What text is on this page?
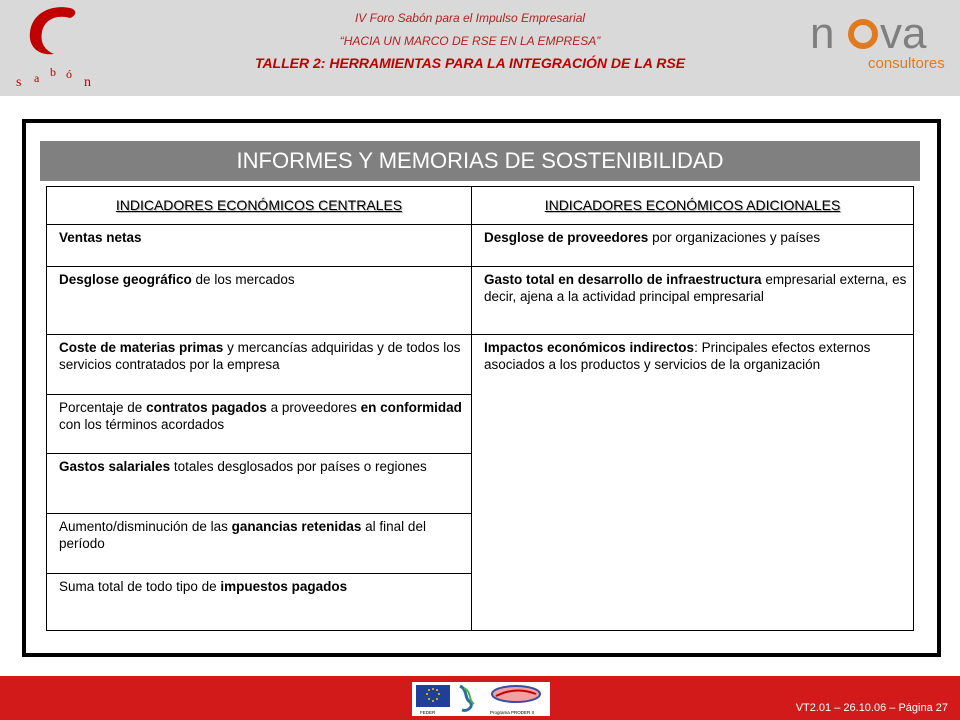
s a b ó
n
IV Foro Sabón para el Impulso Empresarial
“HACIA UN MARCO DE RSE EN LA EMPRESA”
TALLER 2: HERRAMIENTAS PARA LA INTEGRACIÓN DE LA RSE
n va
consultores
INFORMES Y MEMORIAS DE SOSTENIBILIDAD
INDICADORES ECONÓMICOS CENTRALES	INDICADORES ECONÓMICOS ADICIONALES
Ventas netas	Desglose de proveedores por organizaciones y países
Desglose geográfico de los mercados	Gasto total en desarrollo de infraestructura empresarial externa, es decir, ajena a la actividad principal empresarial
Coste de materias primas y mercancías adquiridas y de todos los servicios contratados por la empresa	Impactos económicos indirectos: Principales efectos externos asociados a los productos y servicios de la organización
Porcentaje de contratos pagados a proveedores en conformidad con los términos acordados	
Gastos salariales totales desglosados por países o regiones	
Aumento/disminución de las ganancias retenidas al final del período	
Suma total de todo tipo de impuestos pagados	
VT2.01 – 26.10.06 – Página 27
FEDER	Programa PRODER II
